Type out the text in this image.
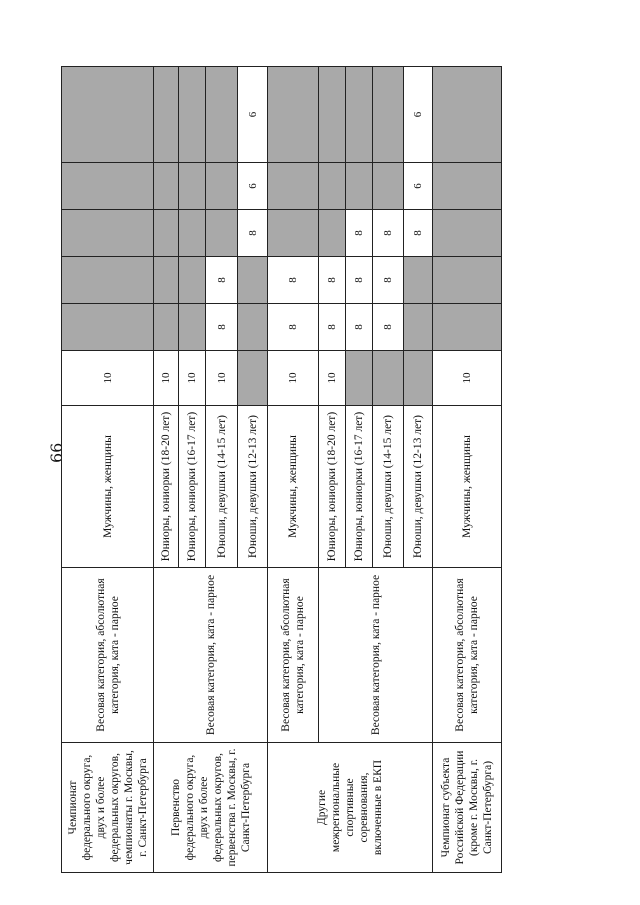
66
Чемпионат федерального округа, двух и более федеральных округов, чемпионаты г. Москвы, г. Санкт-Петербурга	Весовая категория, абсолютная категория, ката - парное	Мужчины, женщины	10					
Первенство федерального округа, двух и более федеральных округов, первенства г. Москвы, г. Санкт-Петербурга	Весовая категория, ката - парное	Юниоры, юниорки (18-20 лет)	10					
		Юниоры, юниорки (16-17 лет)	10					
		Юноши, девушки (14-15 лет)	10	8	8			
		Юноши, девушки (12-13 лет)				8	6	6
Другие межрегиональные спортивные соревнования, включенные в ЕКП	Весовая категория, абсолютная категория, ката - парное	Мужчины, женщины	10	8	8			
	Весовая категория, ката - парное	Юниоры, юниорки (18-20 лет)	10	8	8			
		Юниоры, юниорки (16-17 лет)		8	8	8		
		Юноши, девушки (14-15 лет)		8	8	8		
		Юноши, девушки (12-13 лет)				8	6	6
Чемпионат субъекта Российской Федерации (кроме г. Москвы, г. Санкт-Петербурга)	Весовая категория, абсолютная категория, ката - парное	Мужчины, женщины	10					
